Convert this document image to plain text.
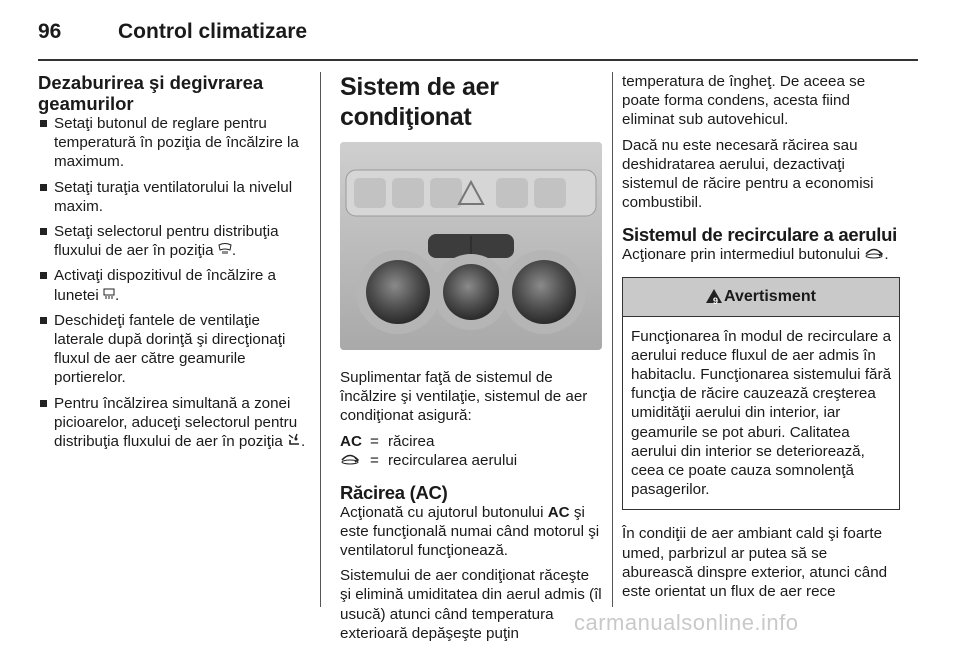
96	Control climatizare
Dezaburirea şi degivrarea geamurilor
Setaţi butonul de reglare pentru temperatură în poziţia de încălzire la maximum.
Setaţi turaţia ventilatorului la nivelul maxim.
Setaţi selectorul pentru distribuţia fluxului de aer în poziţia .
Activaţi dispozitivul de încălzire a lunetei .
Deschideţi fantele de ventilaţie laterale după dorinţă şi direcţionaţi fluxul de aer către geamurile portierelor.
Pentru încălzirea simultană a zonei picioarelor, aduceţi selectorul pentru distribuţia fluxului de aer în poziţia .
Sistem de aer condiţionat

Suplimentar faţă de sistemul de încălzire şi ventilaţie, sistemul de aer condiţionat asigură:

AC = răcirea
= recircularea aerului
Răcirea (AC)

Acţionată cu ajutorul butonului AC şi este funcţională numai când motorul şi ventilatorul funcţionează.

Sistemului de aer condiţionat răceşte şi elimină umiditatea din aerul admis (îl usucă) atunci când temperatura exterioară depăşeşte puţin

temperatura de îngheţ. De aceea se poate forma condens, acesta fiind eliminat sub autovehicul.

Dacă nu este necesară răcirea sau deshidratarea aerului, dezactivaţi sistemul de răcire pentru a economisi combustibil.

Sistemul de recirculare a aerului

Acţionare prin intermediul butonului .

9 Avertisment

Funcţionarea în modul de recirculare a aerului reduce fluxul de aer admis în habitaclu. Funcţionarea sistemului fără funcţia de răcire cauzează creşterea umidităţii aerului din interior, iar geamurile se pot aburi. Calitatea aerului din interior se deteriorează, ceea ce poate cauza somnolenţă pasagerilor.

În condiţii de aer ambiant cald şi foarte umed, parbrizul ar putea să se aburească dinspre exterior, atunci când este orientat un flux de aer rece

carmanualsonline.info
